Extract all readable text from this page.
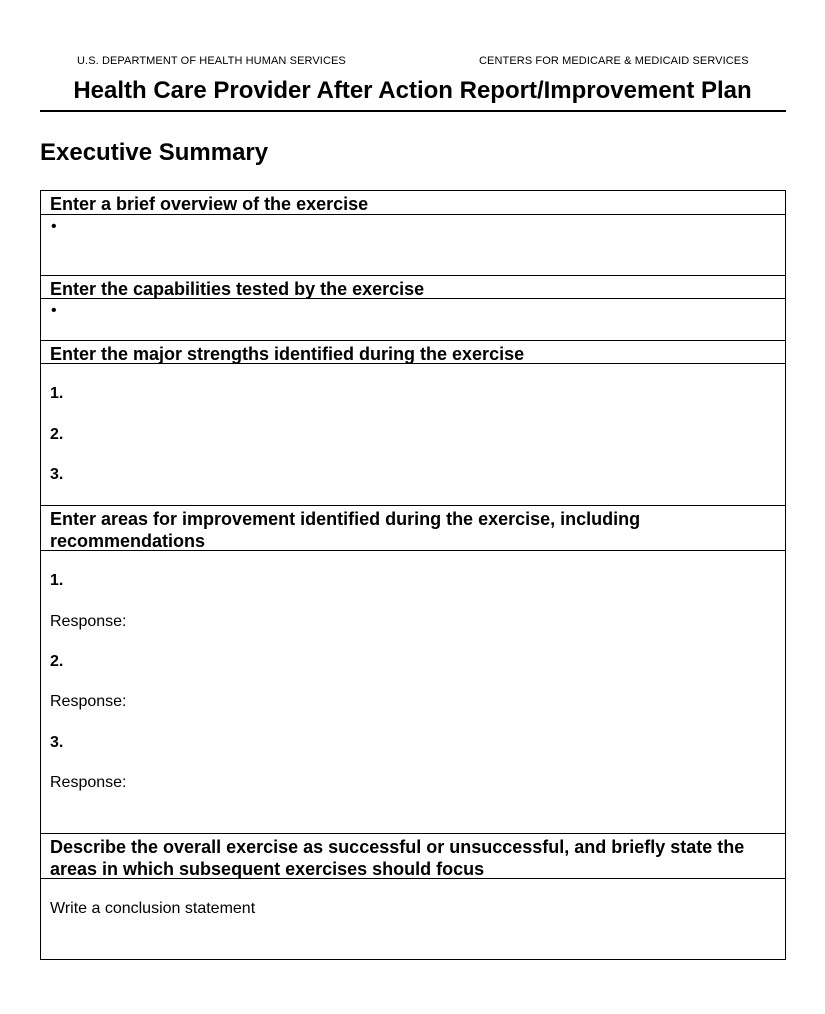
U.S. DEPARTMENT OF HEALTH HUMAN SERVICES	CENTERS FOR MEDICARE & MEDICAID SERVICES
Health Care Provider After Action Report/Improvement Plan
Executive Summary
Enter a brief overview of the exercise
•
Enter the capabilities tested by the exercise
•
Enter the major strengths identified during the exercise
1.
2.
3.
Enter areas for improvement identified during the exercise, including recommendations
1.
Response:
2.
Response:
3.
Response:
Describe the overall exercise as successful or unsuccessful, and briefly state the areas in which subsequent exercises should focus
Write a conclusion statement
